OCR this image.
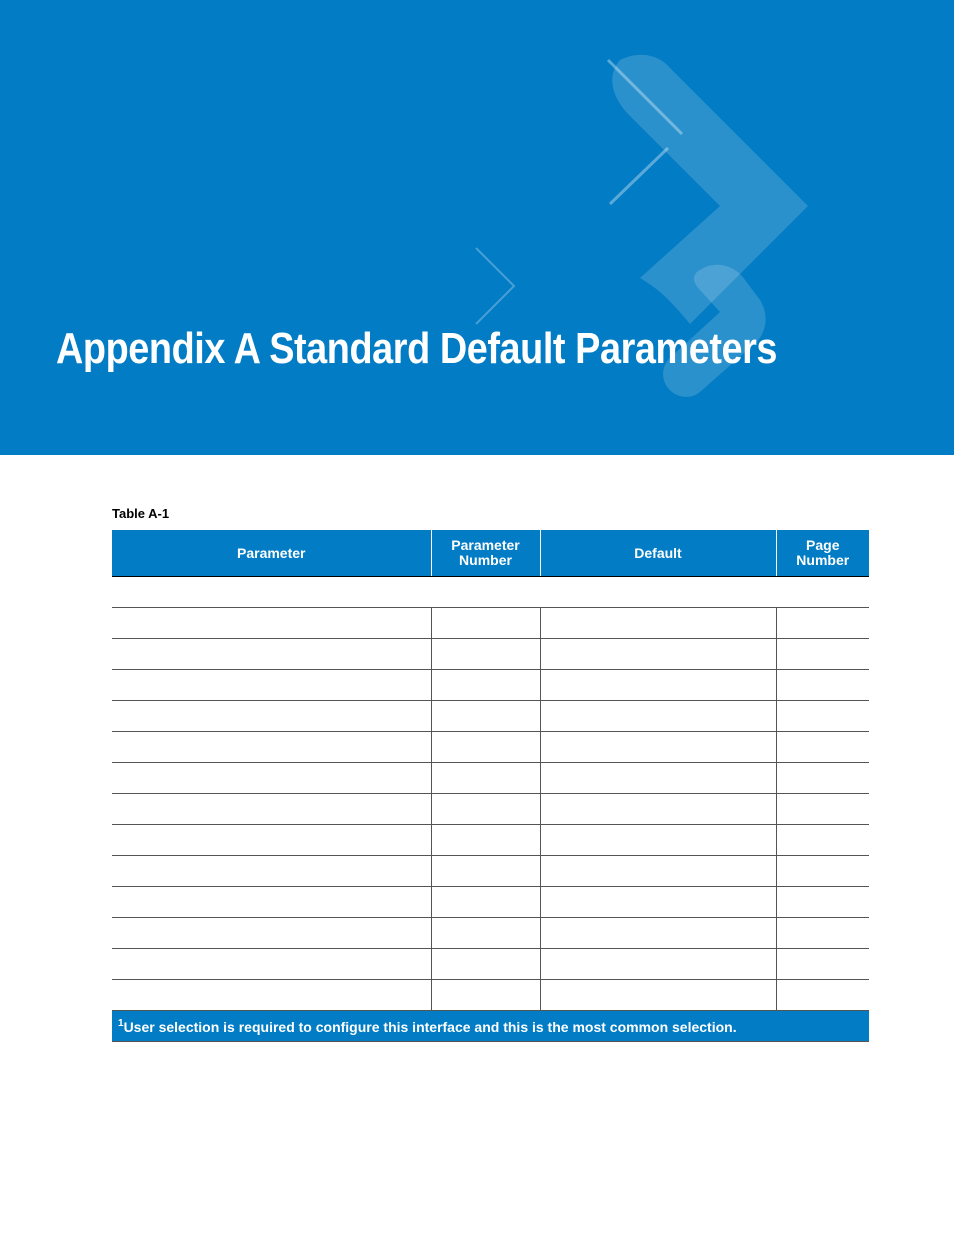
Appendix A Standard Default Parameters

Table A-1

Parameter	Parameter Number	Default	Page Number

$^1$User selection is required to configure this interface and this is the most common selection.			
